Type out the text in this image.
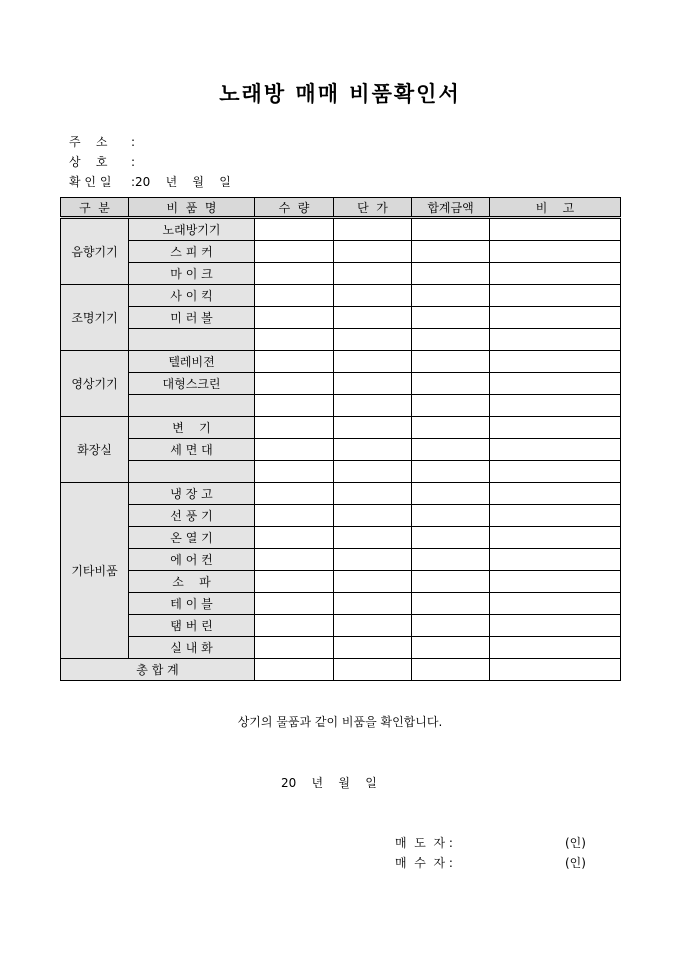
노래방 매매 비품확인서
주    소 :
상    호 :
확 인 일 :20    년    월    일
구  분	비  품  명	수  량	단  가	합계금액	비    고
음향기기	노래방기기				
	스 피 커				
	마 이 크				
조명기기	사 이 킥				
	미 러 볼				

영상기기	텔레비젼				
	대형스크린				

화장실	변    기				
	세 면 대				

기타비품	냉 장 고				
	선 풍 기				
	온 열 기				
	에 어 컨				
	소    파				
	테 이 블				
	탬 버 린				
	실 내 화				
총 합 계					
상기의 물품과 같이 비품을 확인합니다.
20    년    월    일
매  도  자 :	(인)
매  수  자 :	(인)
